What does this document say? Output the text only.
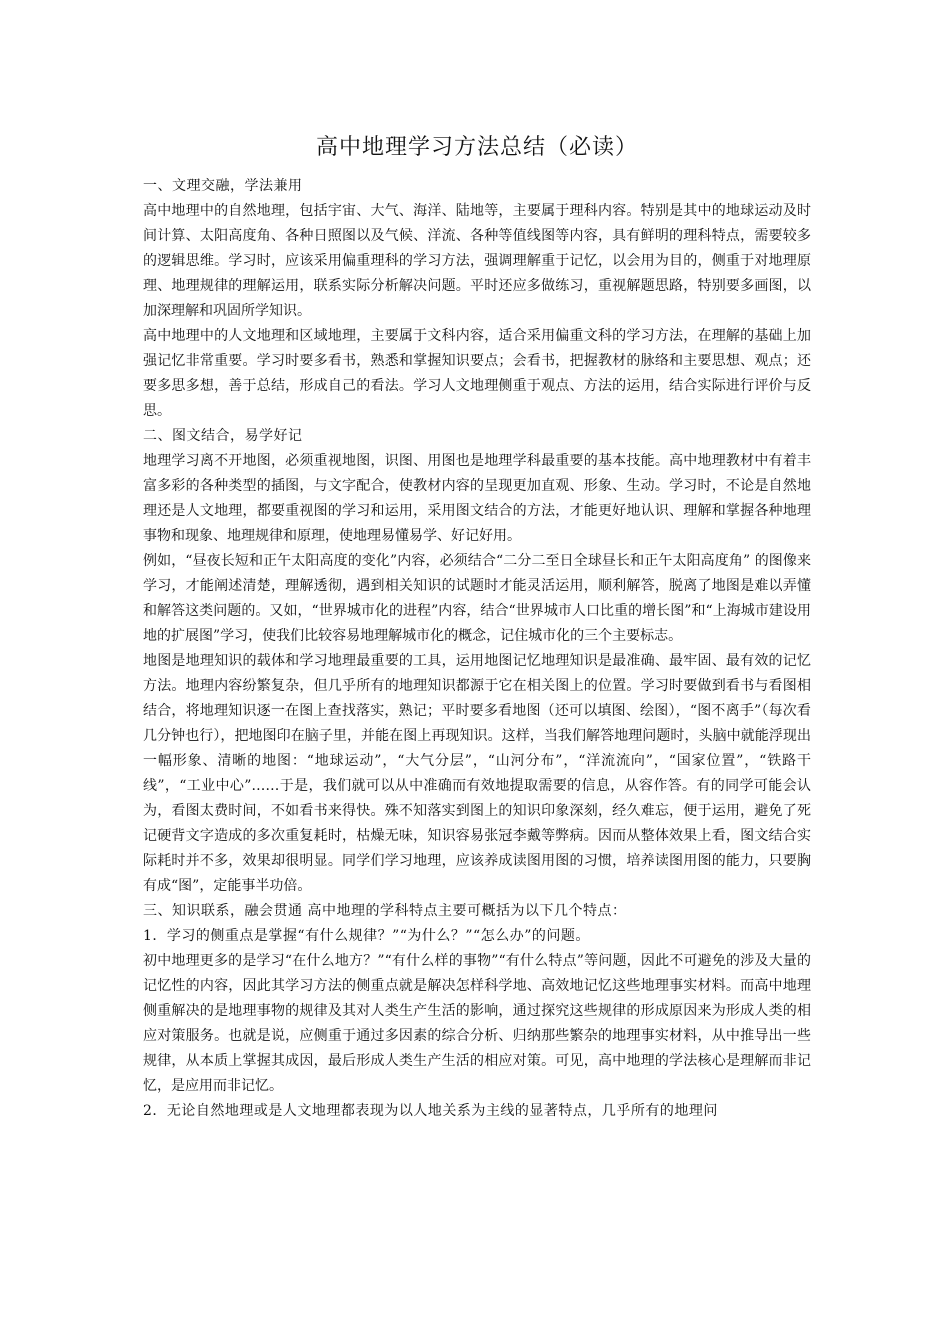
高中地理学习方法总结（必读）

一、文理交融，学法兼用

高中地理中的自然地理，包括宇宙、大气、海洋、陆地等，主要属于理科内容。特别是其中的地球运动及时间计算、太阳高度角、各种日照图以及气候、洋流、各种等值线图等内容，具有鲜明的理科特点，需要较多的逻辑思维。学习时，应该采用偏重理科的学习方法，强调理解重于记忆，以会用为目的，侧重于对地理原理、地理规律的理解运用，联系实际分析解决问题。平时还应多做练习，重视解题思路，特别要多画图，以加深理解和巩固所学知识。

高中地理中的人文地理和区域地理，主要属于文科内容，适合采用偏重文科的学习方法，在理解的基础上加强记忆非常重要。学习时要多看书，熟悉和掌握知识要点；会看书，把握教材的脉络和主要思想、观点；还要多思多想，善于总结，形成自己的看法。学习人文地理侧重于观点、方法的运用，结合实际进行评价与反思。

二、图文结合，易学好记

地理学习离不开地图，必须重视地图，识图、用图也是地理学科最重要的基本技能。高中地理教材中有着丰富多彩的各种类型的插图，与文字配合，使教材内容的呈现更加直观、形象、生动。学习时，不论是自然地理还是人文地理，都要重视图的学习和运用，采用图文结合的方法，才能更好地认识、理解和掌握各种地理事物和现象、地理规律和原理，使地理易懂易学、好记好用。

例如，“昼夜长短和正午太阳高度的变化”内容，必须结合“二分二至日全球昼长和正午太阳高度角” 的图像来学习，才能阐述清楚，理解透彻，遇到相关知识的试题时才能灵活运用，顺利解答，脱离了地图是难以弄懂和解答这类问题的。又如，“世界城市化的进程”内容，结合“世界城市人口比重的增长图”和“上海城市建设用地的扩展图”学习，使我们比较容易地理解城市化的概念，记住城市化的三个主要标志。

地图是地理知识的载体和学习地理最重要的工具，运用地图记忆地理知识是最准确、最牢固、最有效的记忆方法。地理内容纷繁复杂，但几乎所有的地理知识都源于它在相关图上的位置。学习时要做到看书与看图相结合，将地理知识逐一在图上查找落实，熟记；平时要多看地图（还可以填图、绘图），“图不离手”（每次看几分钟也行），把地图印在脑子里，并能在图上再现知识。这样，当我们解答地理问题时，头脑中就能浮现出一幅形象、清晰的地图：“地球运动”，“大气分层”，“山河分布”，“洋流流向”，“国家位置”，“铁路干线”，“工业中心”……于是，我们就可以从中准确而有效地提取需要的信息，从容作答。有的同学可能会认为，看图太费时间，不如看书来得快。殊不知落实到图上的知识印象深刻，经久难忘，便于运用，避免了死记硬背文字造成的多次重复耗时，枯燥无味，知识容易张冠李戴等弊病。因而从整体效果上看，图文结合实际耗时并不多，效果却很明显。同学们学习地理，应该养成读图用图的习惯，培养读图用图的能力，只要胸有成“图”，定能事半功倍。

三、知识联系，融会贯通 高中地理的学科特点主要可概括为以下几个特点：

1．学习的侧重点是掌握“有什么规律？”“为什么？”“怎么办”的问题。

初中地理更多的是学习“在什么地方？”“有什么样的事物”“有什么特点”等问题，因此不可避免的涉及大量的记忆性的内容，因此其学习方法的侧重点就是解决怎样科学地、高效地记忆这些地理事实材料。而高中地理侧重解决的是地理事物的规律及其对人类生产生活的影响，通过探究这些规律的形成原因来为形成人类的相应对策服务。也就是说，应侧重于通过多因素的综合分析、归纳那些繁杂的地理事实材料，从中推导出一些规律，从本质上掌握其成因，最后形成人类生产生活的相应对策。可见，高中地理的学法核心是理解而非记忆，是应用而非记忆。

2．无论自然地理或是人文地理都表现为以人地关系为主线的显著特点，几乎所有的地理问
